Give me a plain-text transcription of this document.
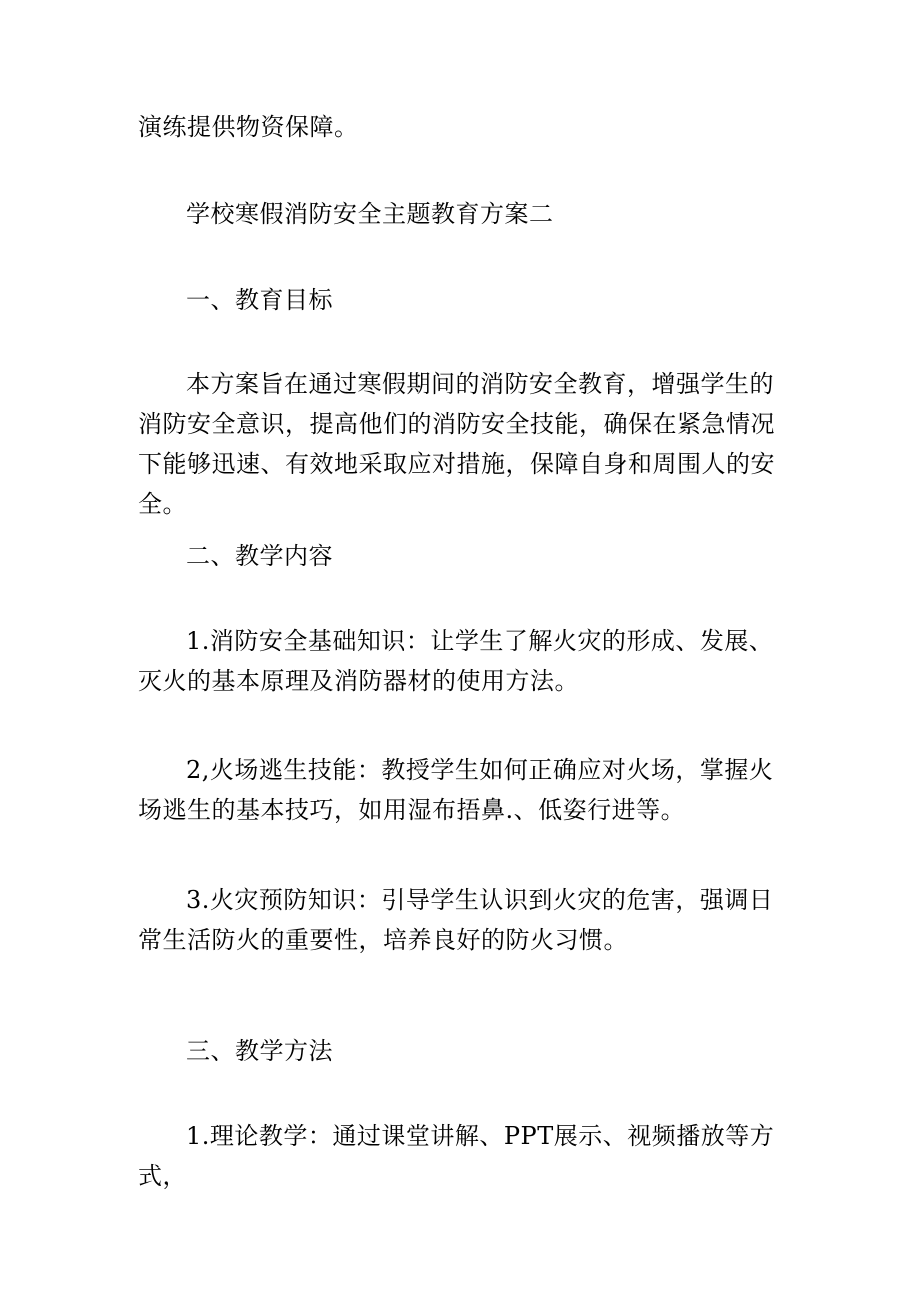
演练提供物资保障。

学校寒假消防安全主题教育方案二

一、教育目标

本方案旨在通过寒假期间的消防安全教育，增强学生的消防安全意识，提高他们的消防安全技能，确保在紧急情况下能够迅速、有效地采取应对措施，保障自身和周围人的安全。

二、教学内容

1.消防安全基础知识：让学生了解火灾的形成、发展、灭火的基本原理及消防器材的使用方法。

2,火场逃生技能：教授学生如何正确应对火场，掌握火场逃生的基本技巧，如用湿布捂鼻.、低姿行进等。

3.火灾预防知识：引导学生认识到火灾的危害，强调日常生活防火的重要性，培养良好的防火习惯。

三、教学方法

1.理论教学：通过课堂讲解、PPT展示、视频播放等方式，
